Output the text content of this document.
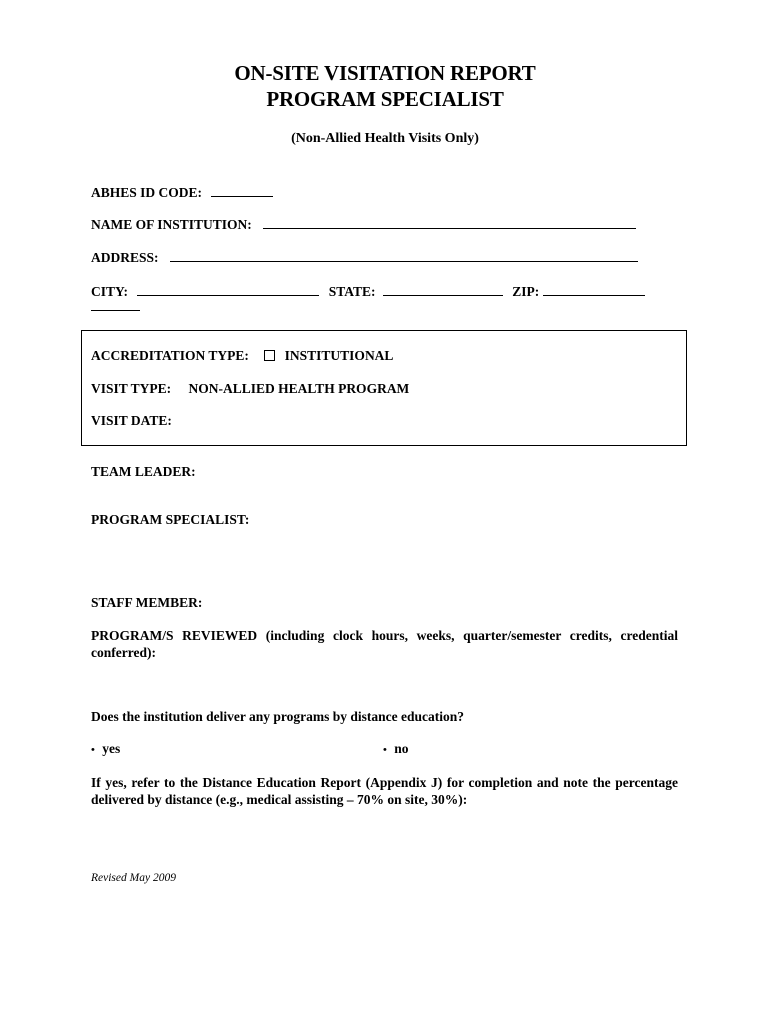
ON-SITE VISITATION REPORT
PROGRAM SPECIALIST
(Non-Allied Health Visits Only)
ABHES ID CODE:
NAME OF INSTITUTION:
ADDRESS:
CITY:	STATE:	ZIP:
ACCREDITATION TYPE:	INSTITUTIONAL
VISIT TYPE: NON-ALLIED HEALTH PROGRAM
VISIT DATE:
TEAM LEADER:
PROGRAM SPECIALIST:
STAFF MEMBER:
PROGRAM/S REVIEWED (including clock hours, weeks, quarter/semester credits, credential conferred):
Does the institution deliver any programs by distance education?
• yes	• no
If yes, refer to the Distance Education Report (Appendix J) for completion and note the percentage delivered by distance (e.g., medical assisting – 70% on site, 30%):
Revised May 2009
